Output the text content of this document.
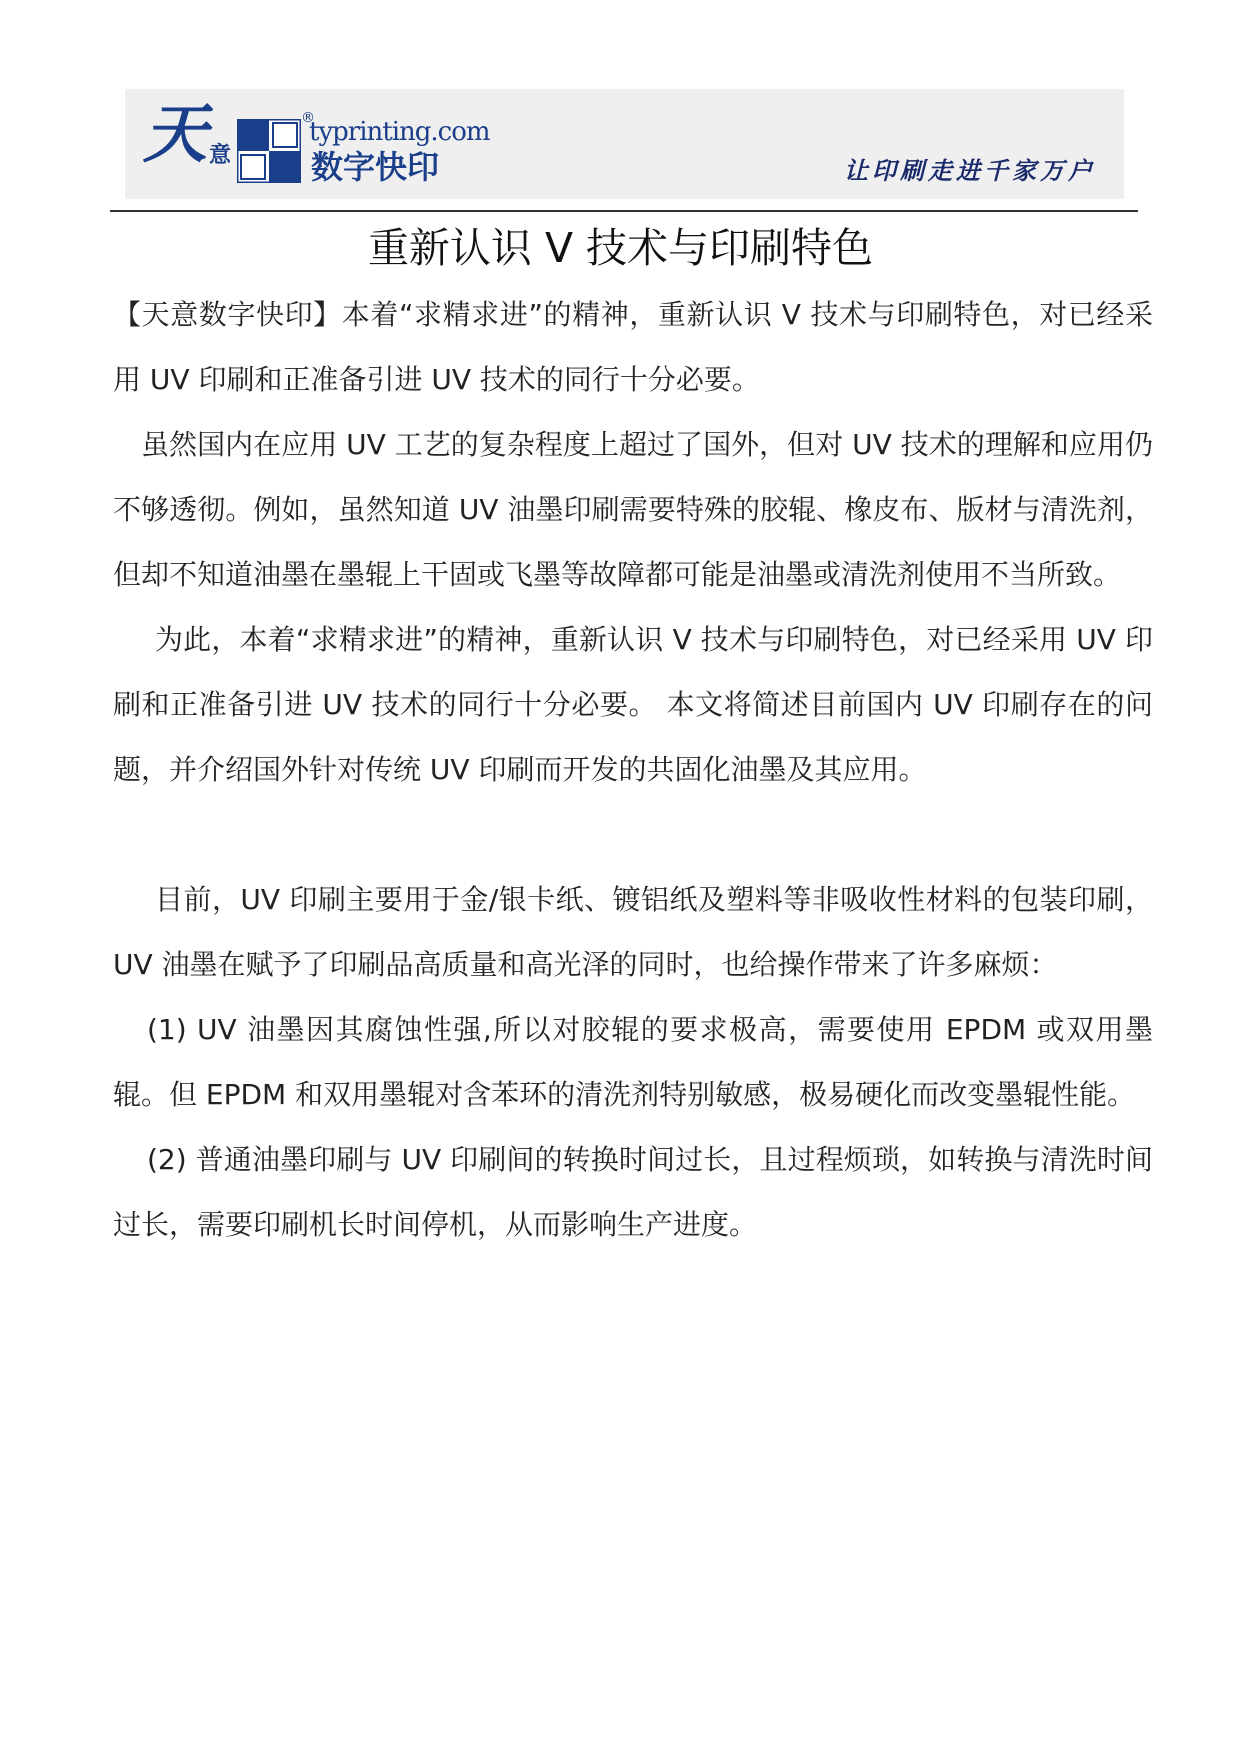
天 意
®
typrinting.com
数字快印	让印刷走进千家万户
重新认识 V 技术与印刷特色

【天意数字快印】本着“求精求进”的精神，重新认识 V 技术与印刷特色，对已经采用 UV 印刷和正准备引进 UV 技术的同行十分必要。

虽然国内在应用 UV 工艺的复杂程度上超过了国外，但对 UV 技术的理解和应用仍不够透彻。例如，虽然知道 UV 油墨印刷需要特殊的胶辊、橡皮布、版材与清洗剂，但却不知道油墨在墨辊上干固或飞墨等故障都可能是油墨或清洗剂使用不当所致。

为此，本着“求精求进”的精神，重新认识 V 技术与印刷特色，对已经采用 UV 印刷和正准备引进 UV 技术的同行十分必要。 本文将简述目前国内 UV 印刷存在的问题，并介绍国外针对传统 UV 印刷而开发的共固化油墨及其应用。

目前，UV 印刷主要用于金/银卡纸、镀铝纸及塑料等非吸收性材料的包装印刷，UV 油墨在赋予了印刷品高质量和高光泽的同时，也给操作带来了许多麻烦：

(1) UV 油墨因其腐蚀性强,所以对胶辊的要求极高，需要使用 EPDM 或双用墨辊。但 EPDM 和双用墨辊对含苯环的清洗剂特别敏感，极易硬化而改变墨辊性能。

(2) 普通油墨印刷与 UV 印刷间的转换时间过长，且过程烦琐，如转换与清洗时间过长，需要印刷机长时间停机，从而影响生产进度。
